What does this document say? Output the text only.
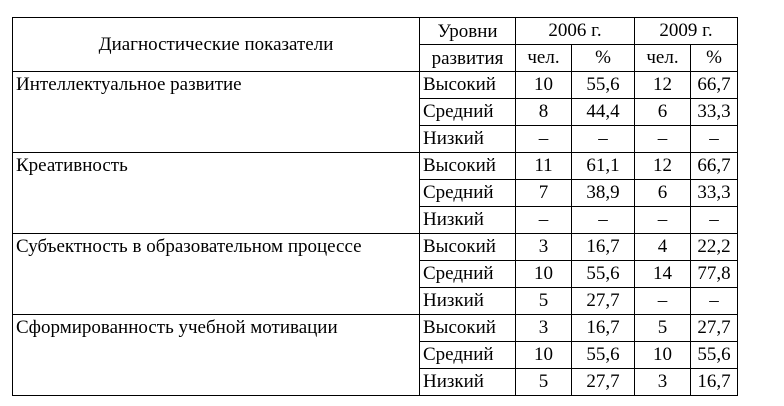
Диагностические показатели	Уровни	2006 г.		2009 г.	
	развития	чел.	%	чел.	%
Интеллектуальное развитие	Высокий	10	55,6	12	66,7
	Средний	8	44,4	6	33,3
	Низкий	–	–	–	–
Креативность	Высокий	11	61,1	12	66,7
	Средний	7	38,9	6	33,3
	Низкий	–	–	–	–
Субъектность в образовательном процессе	Высокий	3	16,7	4	22,2
	Средний	10	55,6	14	77,8
	Низкий	5	27,7	–	–
Сформированность учебной мотивации	Высокий	3	16,7	5	27,7
	Средний	10	55,6	10	55,6
	Низкий	5	27,7	3	16,7
